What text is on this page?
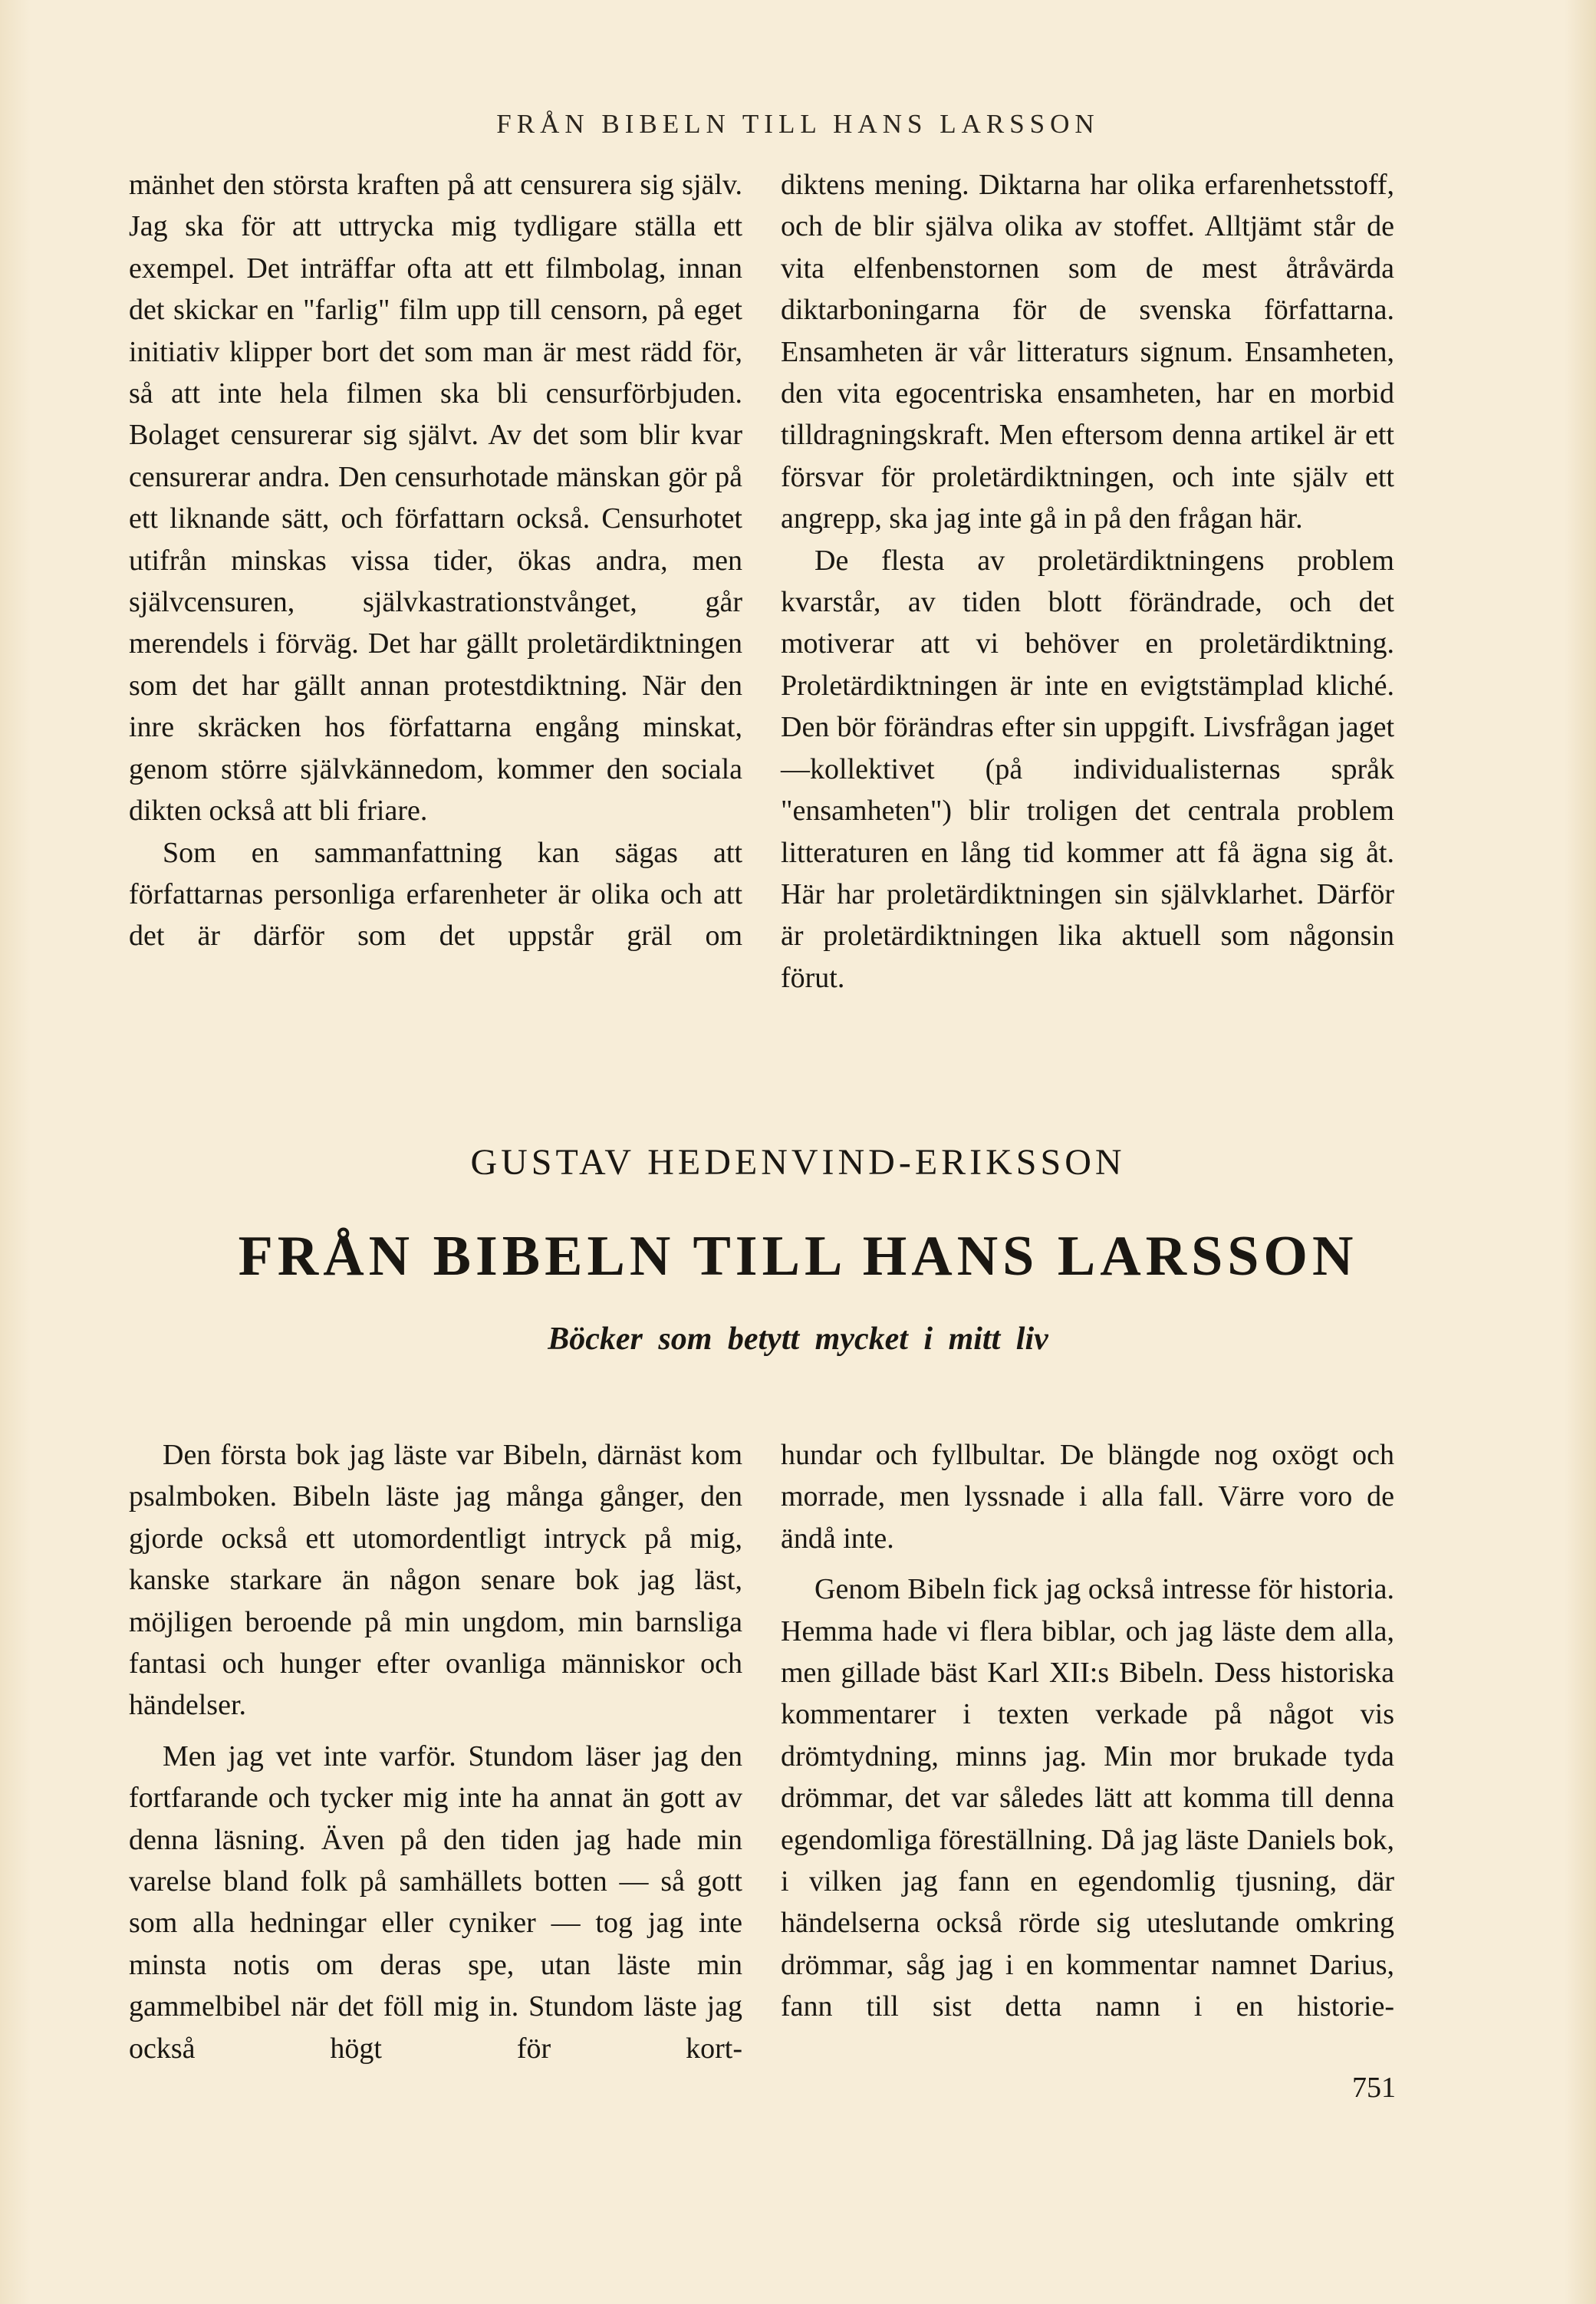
FRÅN BIBELN TILL HANS LARSSON

mänhet den största kraften på att censurera sig själv. Jag ska för att uttrycka mig tydligare ställa ett exempel. Det inträffar ofta att ett filmbolag, innan det skickar en "farlig" film upp till censorn, på eget initiativ klipper bort det som man är mest rädd för, så att inte hela filmen ska bli censurförbjuden. Bolaget censurerar sig självt. Av det som blir kvar censurerar andra. Den censurhotade mänskan gör på ett liknande sätt, och författarn också. Censurhotet utifrån minskas vissa tider, ökas andra, men självcensuren, självkastrationstvånget, går merendels i förväg. Det har gällt proletärdiktningen som det har gällt annan protestdiktning. När den inre skräcken hos författarna engång minskat, genom större självkännedom, kommer den sociala dikten också att bli friare.

Som en sammanfattning kan sägas att författarnas personliga erfarenheter är olika och att det är därför som det uppstår gräl om

diktens mening. Diktarna har olika erfarenhetsstoff, och de blir själva olika av stoffet. Alltjämt står de vita elfenbenstornen som de mest åtråvärda diktarboningarna för de svenska författarna. Ensamheten är vår litteraturs signum. Ensamheten, den vita egocentriska ensamheten, har en morbid tilldragningskraft. Men eftersom denna artikel är ett försvar för proletärdiktningen, och inte själv ett angrepp, ska jag inte gå in på den frågan här.

De flesta av proletärdiktningens problem kvarstår, av tiden blott förändrade, och det motiverar att vi behöver en proletärdiktning. Proletärdiktningen är inte en evigtstämplad kliché. Den bör förändras efter sin uppgift. Livsfrågan jaget—kollektivet (på individualisternas språk "ensamheten") blir troligen det centrala problem litteraturen en lång tid kommer att få ägna sig åt. Här har proletärdiktningen sin självklarhet. Därför är proletärdiktningen lika aktuell som någonsin förut.

GUSTAV HEDENVIND-ERIKSSON
FRÅN BIBELN TILL HANS LARSSON
Böcker som betytt mycket i mitt liv

Den första bok jag läste var Bibeln, därnäst kom psalmboken. Bibeln läste jag många gånger, den gjorde också ett utomordentligt intryck på mig, kanske starkare än någon senare bok jag läst, möjligen beroende på min ungdom, min barnsliga fantasi och hunger efter ovanliga människor och händelser.

Men jag vet inte varför. Stundom läser jag den fortfarande och tycker mig inte ha annat än gott av denna läsning. Även på den tiden jag hade min varelse bland folk på samhällets botten — så gott som alla hedningar eller cyniker — tog jag inte minsta notis om deras spe, utan läste min gammelbibel när det föll mig in. Stundom läste jag också högt för kort-

hundar och fyllbultar. De blängde nog oxögt och morrade, men lyssnade i alla fall. Värre voro de ändå inte.

Genom Bibeln fick jag också intresse för historia. Hemma hade vi flera biblar, och jag läste dem alla, men gillade bäst Karl XII:s Bibeln. Dess historiska kommentarer i texten verkade på något vis drömtydning, minns jag. Min mor brukade tyda drömmar, det var således lätt att komma till denna egendomliga föreställning. Då jag läste Daniels bok, i vilken jag fann en egendomlig tjusning, där händelserna också rörde sig uteslutande omkring drömmar, såg jag i en kommentar namnet Darius, fann till sist detta namn i en historie-

751
